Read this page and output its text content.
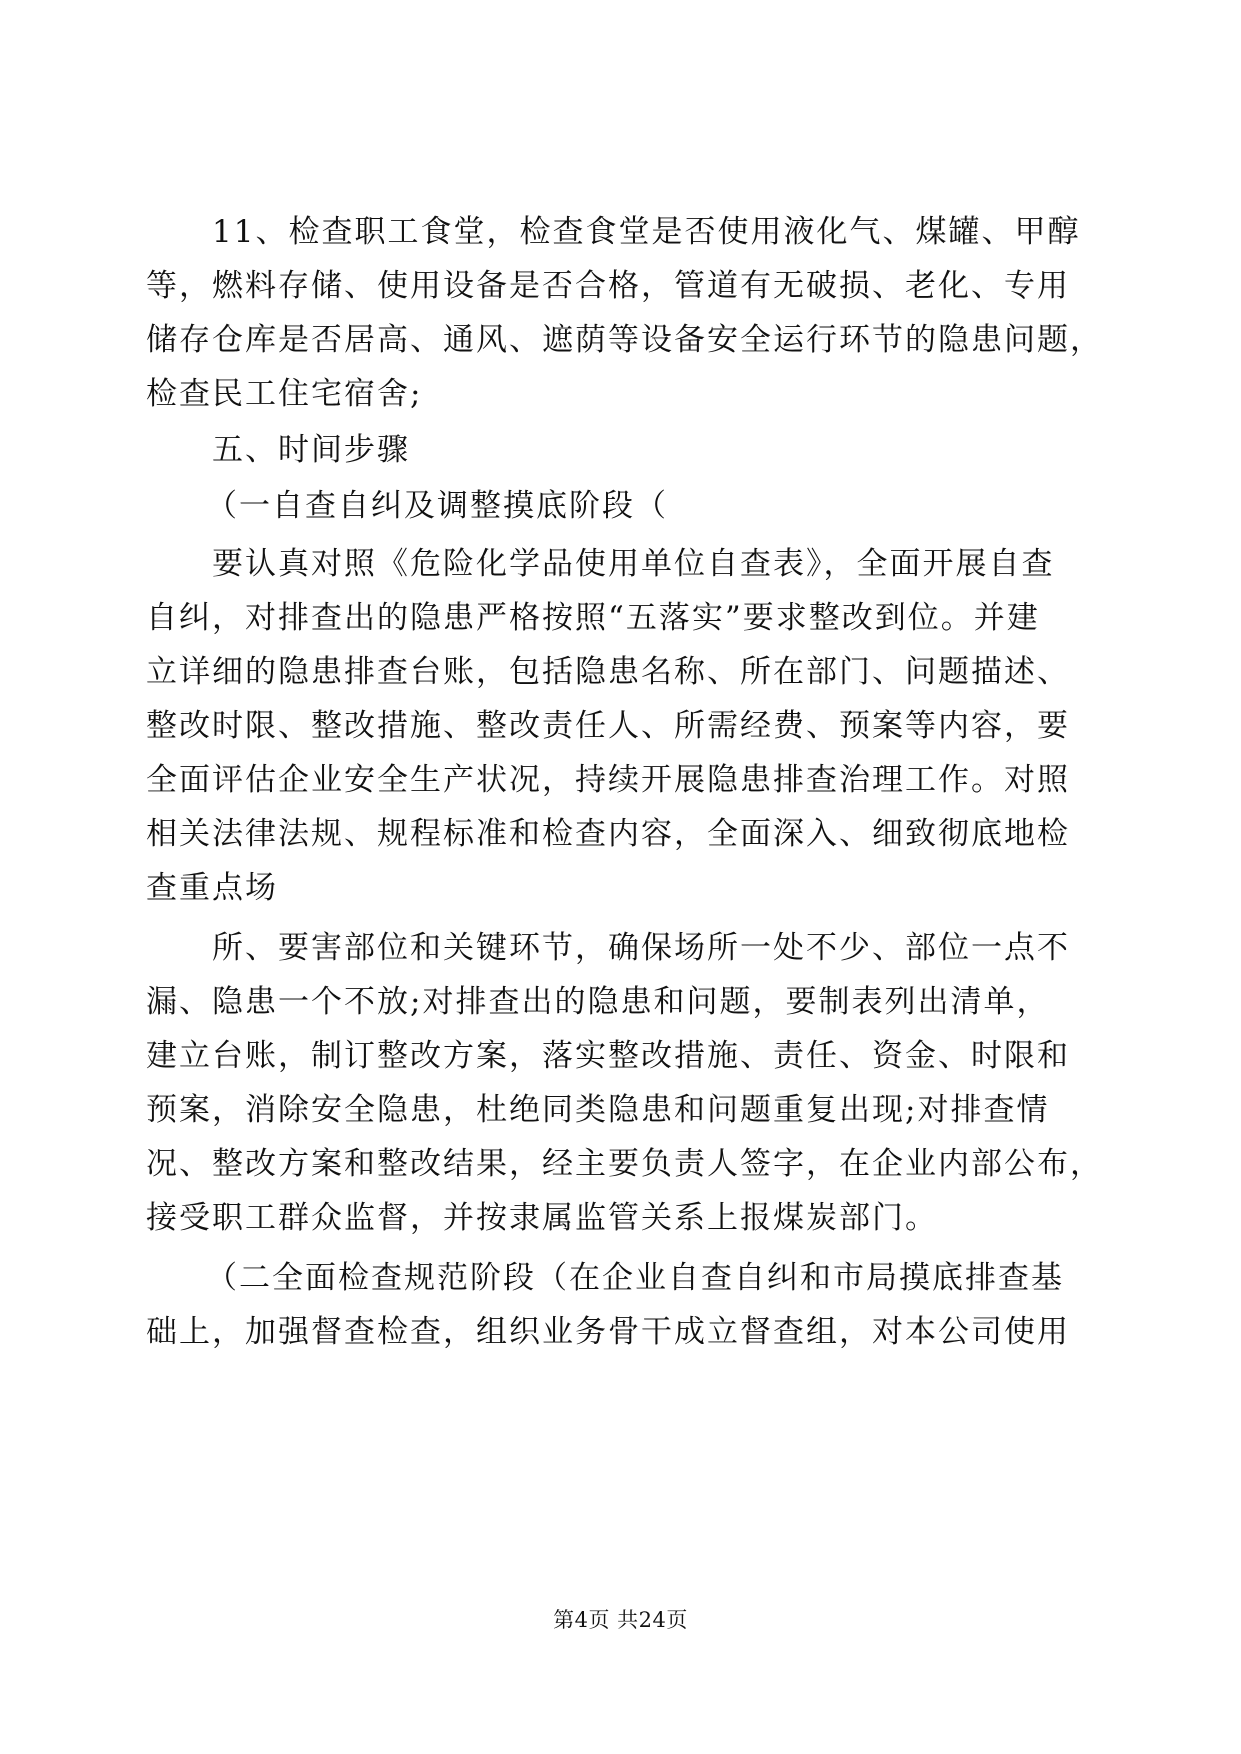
11、检查职工食堂，检查食堂是否使用液化气、煤罐、甲醇
等，燃料存储、使用设备是否合格，管道有无破损、老化、专用
储存仓库是否居高、通风、遮荫等设备安全运行环节的隐患问题，
检查民工住宅宿舍;
五、时间步骤
（一自查自纠及调整摸底阶段（
要认真对照《危险化学品使用单位自查表》，全面开展自查
自纠，对排查出的隐患严格按照“五落实”要求整改到位。并建
立详细的隐患排查台账，包括隐患名称、所在部门、问题描述、
整改时限、整改措施、整改责任人、所需经费、预案等内容，要
全面评估企业安全生产状况，持续开展隐患排查治理工作。对照
相关法律法规、规程标准和检查内容，全面深入、细致彻底地检
查重点场
所、要害部位和关键环节，确保场所一处不少、部位一点不
漏、隐患一个不放;对排查出的隐患和问题，要制表列出清单，
建立台账，制订整改方案，落实整改措施、责任、资金、时限和
预案，消除安全隐患，杜绝同类隐患和问题重复出现;对排查情
况、整改方案和整改结果，经主要负责人签字，在企业内部公布，
接受职工群众监督，并按隶属监管关系上报煤炭部门。
（二全面检查规范阶段（在企业自查自纠和市局摸底排查基
础上，加强督查检查，组织业务骨干成立督查组，对本公司使用
第4页 共24页
